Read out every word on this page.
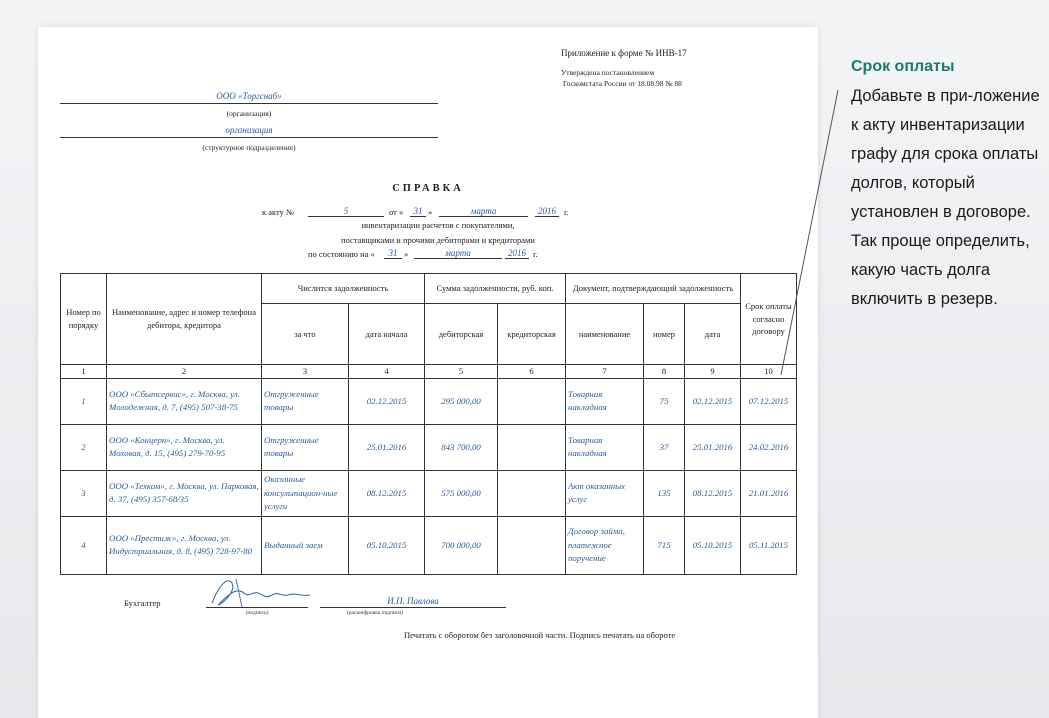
Приложение к форме № ИНВ-17
Утверждена постановлением
Госкомстата России от 18.08.98 № 88
ООО «Торгснаб»
(организация)
организация
(структурное подразделение)
СПРАВКА
к акту №	5	от «	31 »	марта	2016 г.
инвентаризации расчетов с покупателями,
поставщиками и прочими дебиторами и кредиторами
по состоянию на «	31 »	марта	2016 г.
Номер по порядку	Наименование, адрес и номер телефона дебитора, кредитора	Числится задолженность		Сумма задолженности, руб. коп.		Документ, подтверждающий задолженность			Срок оплаты согласно договору
		за что	дата начала	дебиторская	кредиторская	наименование	номер	дата	
1	2	3	4	5	6	7	8	9	10
1	ООО «Сбытсервис», г. Москва, ул. Молодежная, д. 7, (495) 507-38-75	Отгруженные товары	02.12.2015	295 000,00		Товарная накладная	75	02.12.2015	07.12.2015
2	ООО «Концерн», г. Москва, ул. Моховая, д. 15, (495) 279-70-95	Отгруженные товары	25.01.2016	843 700,00		Товарная накладная	37	25.01.2016	24.02.2016
3	ООО «Техком», г. Москва, ул. Парковая, д. 37, (495) 357-68/35	Оказанные консультацион-ные услуги	08.12.2015	575 000,00		Акт оказанных услуг	135	08.12.2015	21.01.2016
4	ООО «Престиж», г. Москва, ул. Индустриальная, д. 8, (495) 728-97-80	Выданный заем	05.10.2015	700 000,00		Договор займа, платежное поручение	715	05.10.2015	05.11.2015
Бухгалтер
(подпись)
И.П. Павлова
(расшифровка подписи)
Печатать с оборотом без заголовочной части. Подпись печатать на обороте
Срок оплаты
Добавьте в при-ложение к акту инвентаризации графу для срока оплаты долгов, который установлен в договоре. Так проще определить, какую часть долга включить в резерв.
